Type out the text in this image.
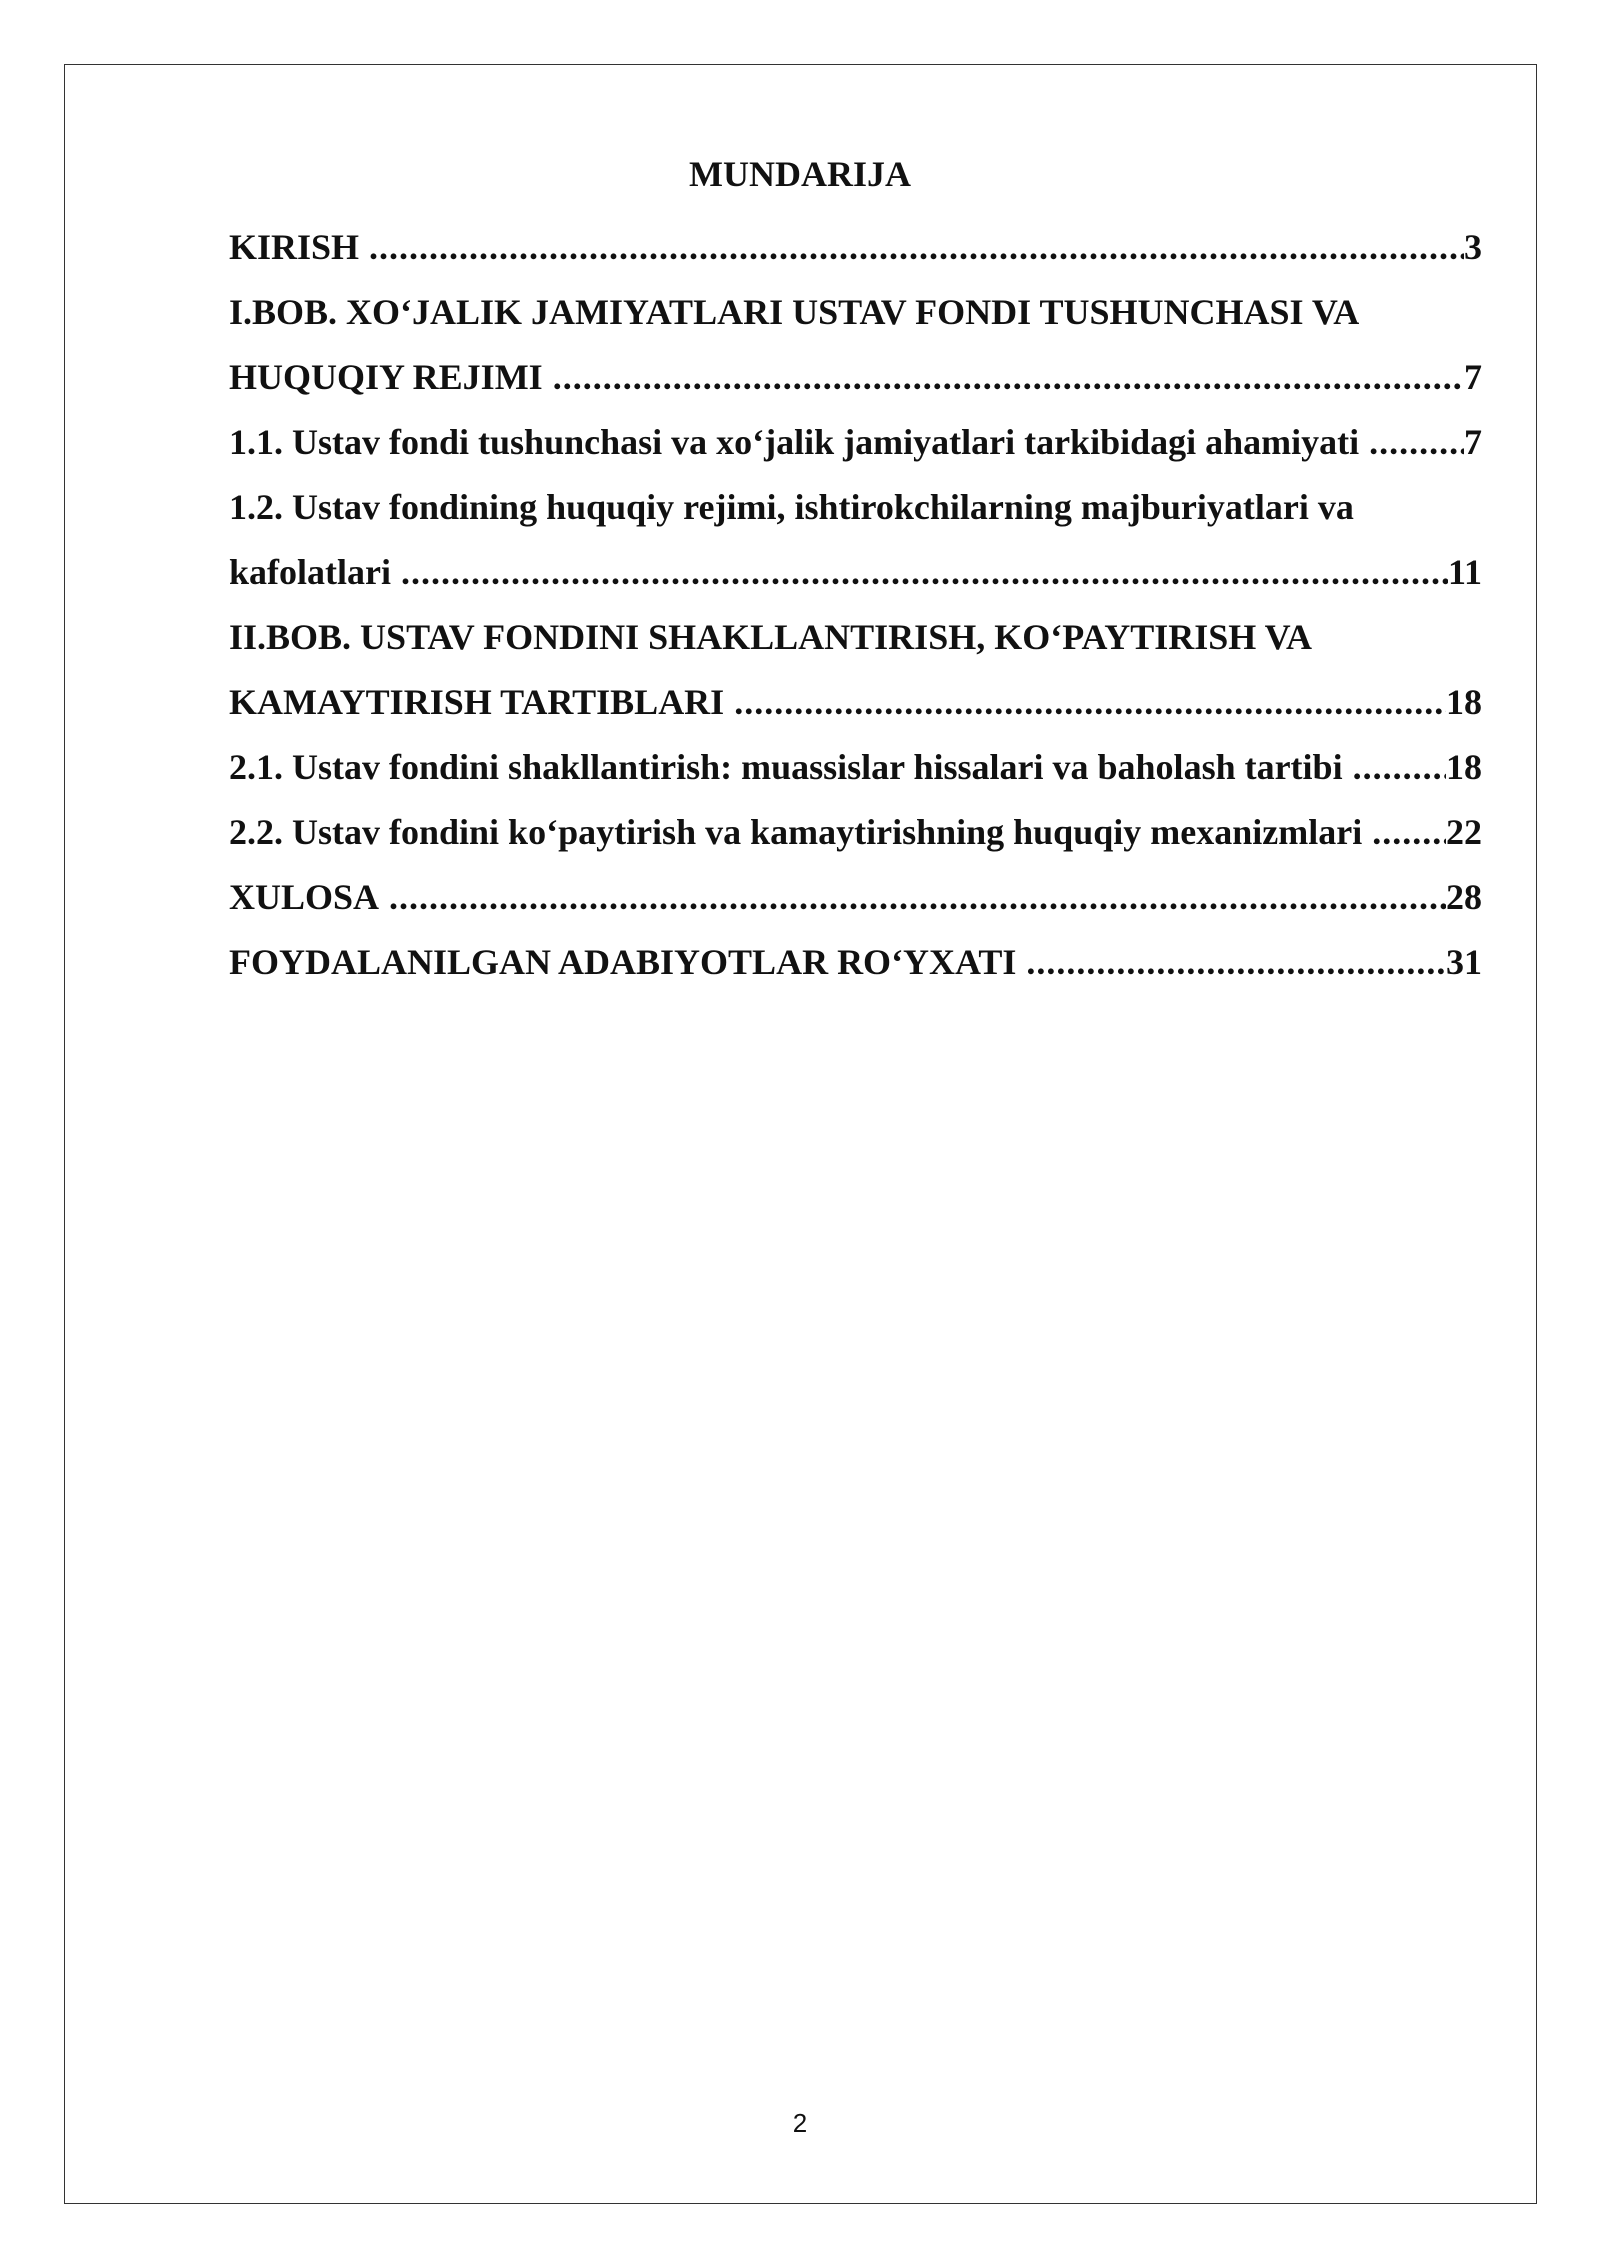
MUNDARIJA
KIRISH .....	3
I.BOB. XO‘JALIK JAMIYATLARI USTAV FONDI TUSHUNCHASI VA
HUQUQIY REJIMI .....	7
1.1. Ustav fondi tushunchasi va xo‘jalik jamiyatlari tarkibidagi ahamiyati .....	7
1.2. Ustav fondining huquqiy rejimi, ishtirokchilarning majburiyatlari va
kafolatlari .....	11
II.BOB. USTAV FONDINI SHAKLLANTIRISH, KO‘PAYTIRISH VA
KAMAYTIRISH TARTIBLARI .....	18
2.1. Ustav fondini shakllantirish: muassislar hissalari va baholash tartibi .....	18
2.2. Ustav fondini ko‘paytirish va kamaytirishning huquqiy mexanizmlari ..... 22
XULOSA .....	28
FOYDALANILGAN ADABIYOTLAR RO‘YXATI .....	31
2
